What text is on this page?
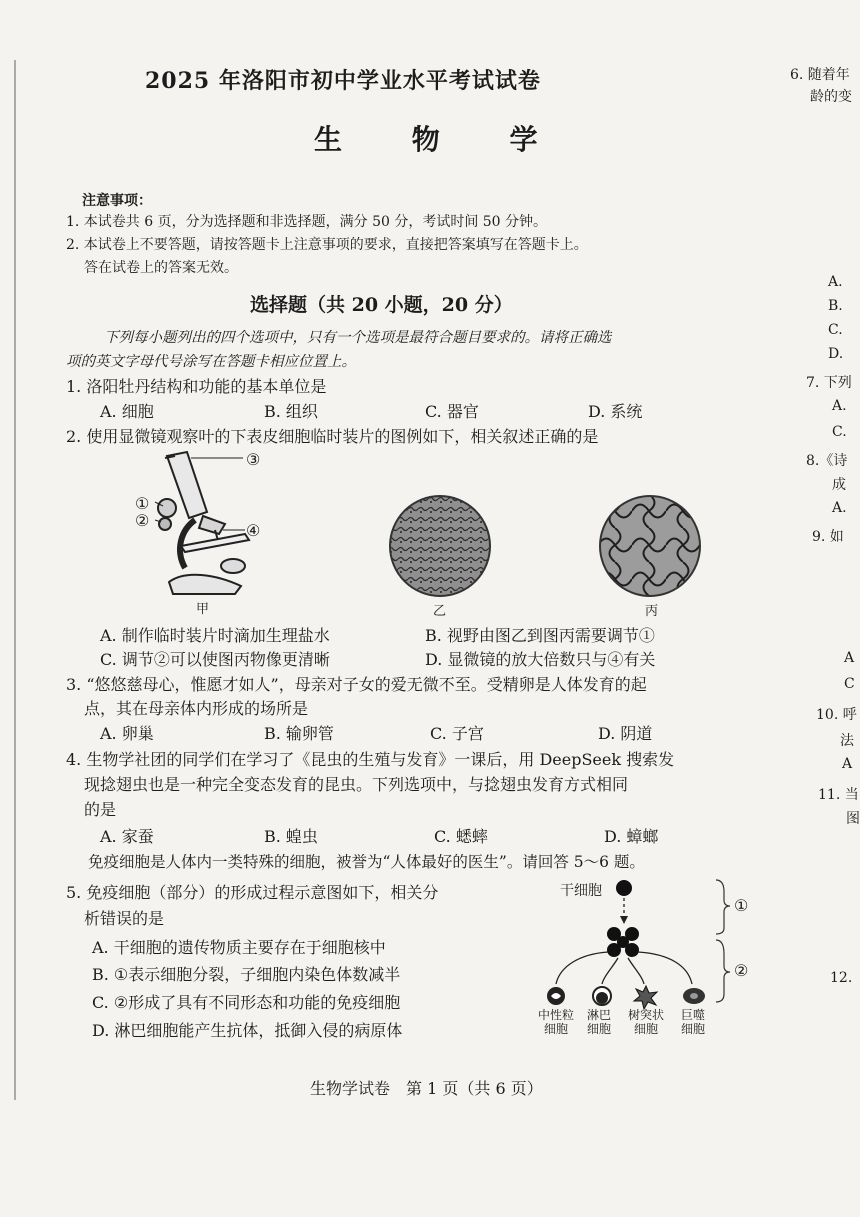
2025 年洛阳市初中学业水平考试试卷
生 物 学
注意事项：
1. 本试卷共 6 页，分为选择题和非选择题，满分 50 分，考试时间 50 分钟。
2. 本试卷上不要答题，请按答题卡上注意事项的要求，直接把答案填写在答题卡上。
答在试卷上的答案无效。
选择题（共 20 小题，20 分）
下列每小题列出的四个选项中，只有一个选项是最符合题目要求的。请将正确选
项的英文字母代号涂写在答题卡相应位置上。
1. 洛阳牡丹结构和功能的基本单位是
A. 细胞	B. 组织	C. 器官	D. 系统
2. 使用显微镜观察叶的下表皮细胞临时装片的图例如下，相关叙述正确的是
③
①
②
④
甲	乙	丙
A. 制作临时装片时滴加生理盐水	B. 视野由图乙到图丙需要调节①
C. 调节②可以使图丙物像更清晰	D. 显微镜的放大倍数只与④有关
3. “悠悠慈母心，惟愿才如人”，母亲对子女的爱无微不至。受精卵是人体发育的起
点，其在母亲体内形成的场所是
A. 卵巢	B. 输卵管	C. 子宫	D. 阴道
4. 生物学社团的同学们在学习了《昆虫的生殖与发育》一课后，用 DeepSeek 搜索发
现捻翅虫也是一种完全变态发育的昆虫。下列选项中，与捻翅虫发育方式相同
的是
A. 家蚕	B. 蝗虫	C. 蟋蟀	D. 蟑螂
免疫细胞是人体内一类特殊的细胞，被誉为“人体最好的医生”。请回答 5～6 题。
5. 免疫细胞（部分）的形成过程示意图如下，相关分
析错误的是
A. 干细胞的遗传物质主要存在于细胞核中
B. ①表示细胞分裂，子细胞内染色体数减半
C. ②形成了具有不同形态和功能的免疫细胞
D. 淋巴细胞能产生抗体，抵御入侵的病原体
干细胞
①
②
中性粒细胞
淋巴细胞
树突状细胞
巨噬细胞
生物学试卷　第 1 页（共 6 页）
6. 随着年
龄的变
A.
B.
C.
D.
7. 下列
A.
C.
8.《诗
成
A.
9. 如
A
C
10. 呼
法
A
11. 当
图
12.
